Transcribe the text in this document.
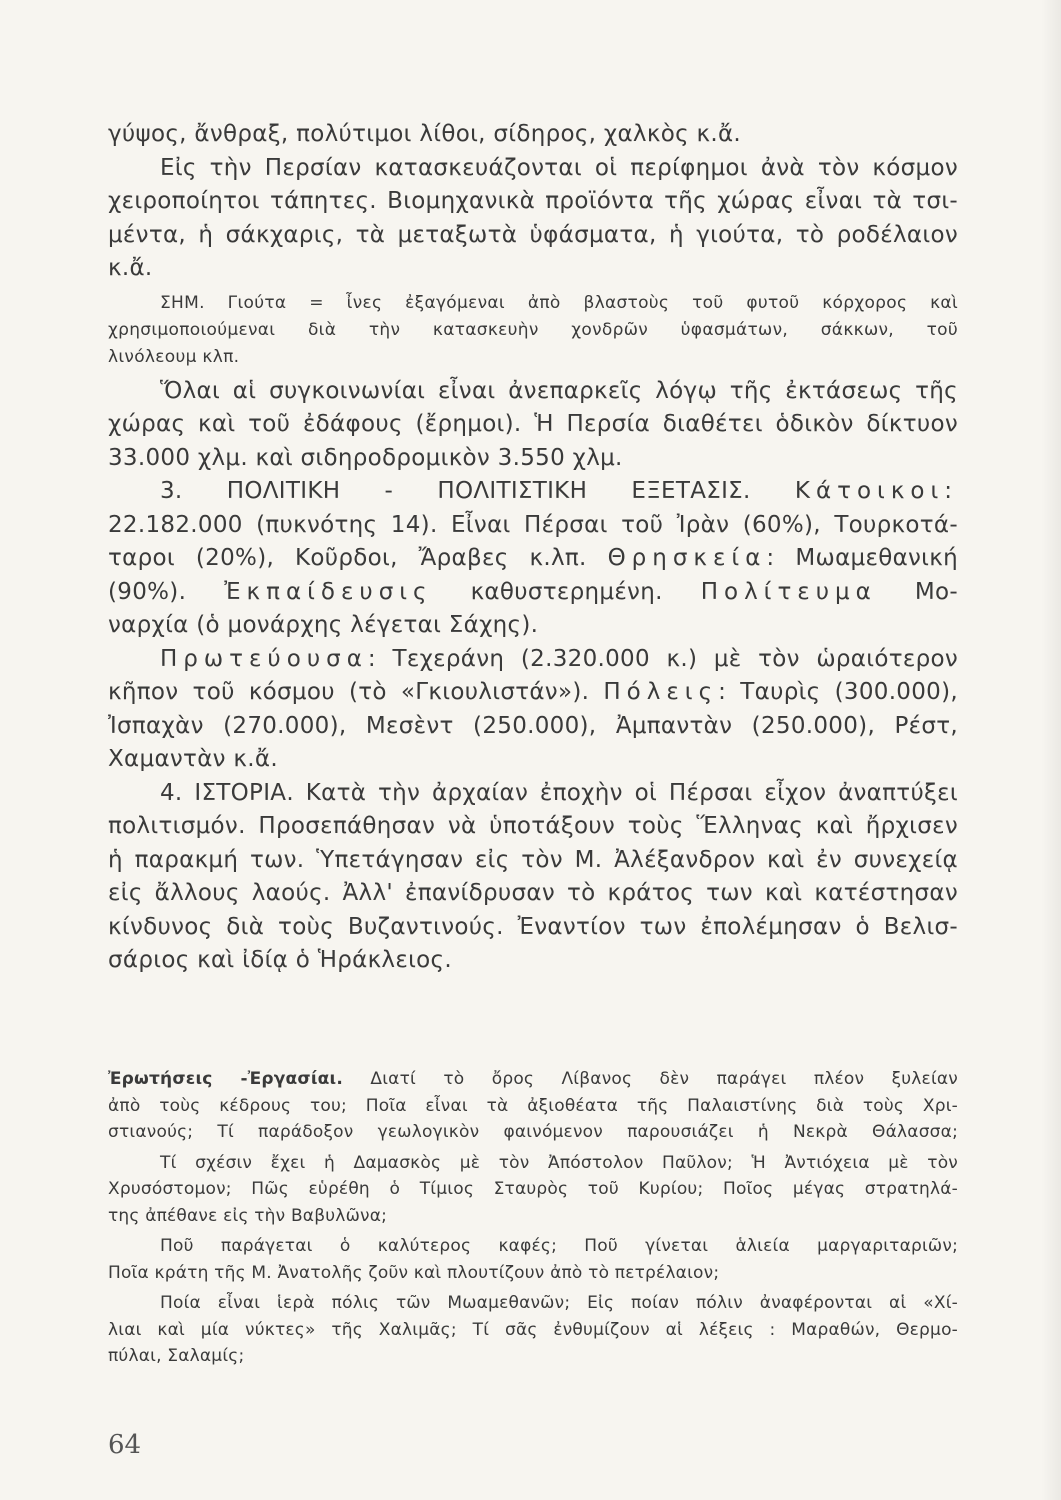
γύψος, ἄνθραξ, πολύτιμοι λίθοι, σίδηρος, χαλκὸς κ.ἄ.
Εἰς τὴν Περσίαν κατασκευάζονται οἱ περίφημοι ἀνὰ τὸν κόσμον
χειροποίητοι τάπητες. Βιομηχανικὰ προϊόντα τῆς χώρας εἶναι τὰ τσι-
μέντα, ἡ σάκχαρις, τὰ μεταξωτὰ ὑφάσματα, ἡ γιούτα, τὸ ροδέλαιον
κ.ἄ.
ΣΗΜ. Γιούτα = ἶνες ἐξαγόμεναι ἀπὸ βλαστοὺς τοῦ φυτοῦ κόρχορος καὶ
χρησιμοποιούμεναι διὰ τὴν κατασκευὴν χονδρῶν ὑφασμάτων, σάκκων, τοῦ
λινόλεουμ κλπ.
Ὅλαι αἱ συγκοινωνίαι εἶναι ἀνεπαρκεῖς λόγῳ τῆς ἐκτάσεως τῆς
χώρας καὶ τοῦ ἐδάφους (ἔρημοι). Ἡ Περσία διαθέτει ὁδικὸν δίκτυον
33.000 χλμ. καὶ σιδηροδρομικὸν 3.550 χλμ.
3. ΠΟΛΙΤΙΚΗ - ΠΟΛΙΤΙΣΤΙΚΗ ΕΞΕΤΑΣΙΣ. Κάτοικοι:
22.182.000 (πυκνότης 14). Εἶναι Πέρσαι τοῦ Ἰρὰν (60%), Τουρκοτά-
ταροι (20%), Κοῦρδοι, Ἄραβες κ.λπ. Θρησκεία: Μωαμεθανική
(90%). Ἐκπαίδευσις καθυστερημένη. Πολίτευμα Μο-
ναρχία (ὁ μονάρχης λέγεται Σάχης).
Πρωτεύουσα: Τεχεράνη (2.320.000 κ.) μὲ τὸν ὡραιότερον
κῆπον τοῦ κόσμου (τὸ «Γκιουλιστάν»). Πόλεις: Ταυρὶς (300.000),
Ἰσπαχὰν (270.000), Μεσὲντ (250.000), Ἀμπαντὰν (250.000), Ρέστ,
Χαμαντὰν κ.ἄ.
4. ΙΣΤΟΡΙΑ. Κατὰ τὴν ἀρχαίαν ἐποχὴν οἱ Πέρσαι εἶχον ἀναπτύξει
πολιτισμόν. Προσεπάθησαν νὰ ὑποτάξουν τοὺς Ἕλληνας καὶ ἤρχισεν
ἡ παρακμή των. Ὑπετάγησαν εἰς τὸν Μ. Ἀλέξανδρον καὶ ἐν συνεχείᾳ
εἰς ἄλλους λαούς. Ἀλλ' ἐπανίδρυσαν τὸ κράτος των καὶ κατέστησαν
κίνδυνος διὰ τοὺς Βυζαντινούς. Ἐναντίον των ἐπολέμησαν ὁ Βελισ-
σάριος καὶ ἰδίᾳ ὁ Ἡράκλειος.
Ἐρωτήσεις -Ἐργασίαι. Διατί τὸ ὄρος Λίβανος δὲν παράγει πλέον ξυλείαν
ἀπὸ τοὺς κέδρους του; Ποῖα εἶναι τὰ ἀξιοθέατα τῆς Παλαιστίνης διὰ τοὺς Χρι-
στιανούς; Τί παράδοξον γεωλογικὸν φαινόμενον παρουσιάζει ἡ Νεκρὰ Θάλασσα;
Τί σχέσιν ἔχει ἡ Δαμασκὸς μὲ τὸν Ἀπόστολον Παῦλον; Ἡ Ἀντιόχεια μὲ τὸν
Χρυσόστομον; Πῶς εὑρέθη ὁ Τίμιος Σταυρὸς τοῦ Κυρίου; Ποῖος μέγας στρατηλά-
της ἀπέθανε εἰς τὴν Βαβυλῶνα;
Ποῦ παράγεται ὁ καλύτερος καφές; Ποῦ γίνεται ἁλιεία μαργαριταριῶν;
Ποῖα κράτη τῆς Μ. Ἀνατολῆς ζοῦν καὶ πλουτίζουν ἀπὸ τὸ πετρέλαιον;
Ποία εἶναι ἱερὰ πόλις τῶν Μωαμεθανῶν; Εἰς ποίαν πόλιν ἀναφέρονται αἱ «Χί-
λιαι καὶ μία νύκτες» τῆς Χαλιμᾶς; Τί σᾶς ἐνθυμίζουν αἱ λέξεις : Μαραθών, Θερμο-
πύλαι, Σαλαμίς;
64
